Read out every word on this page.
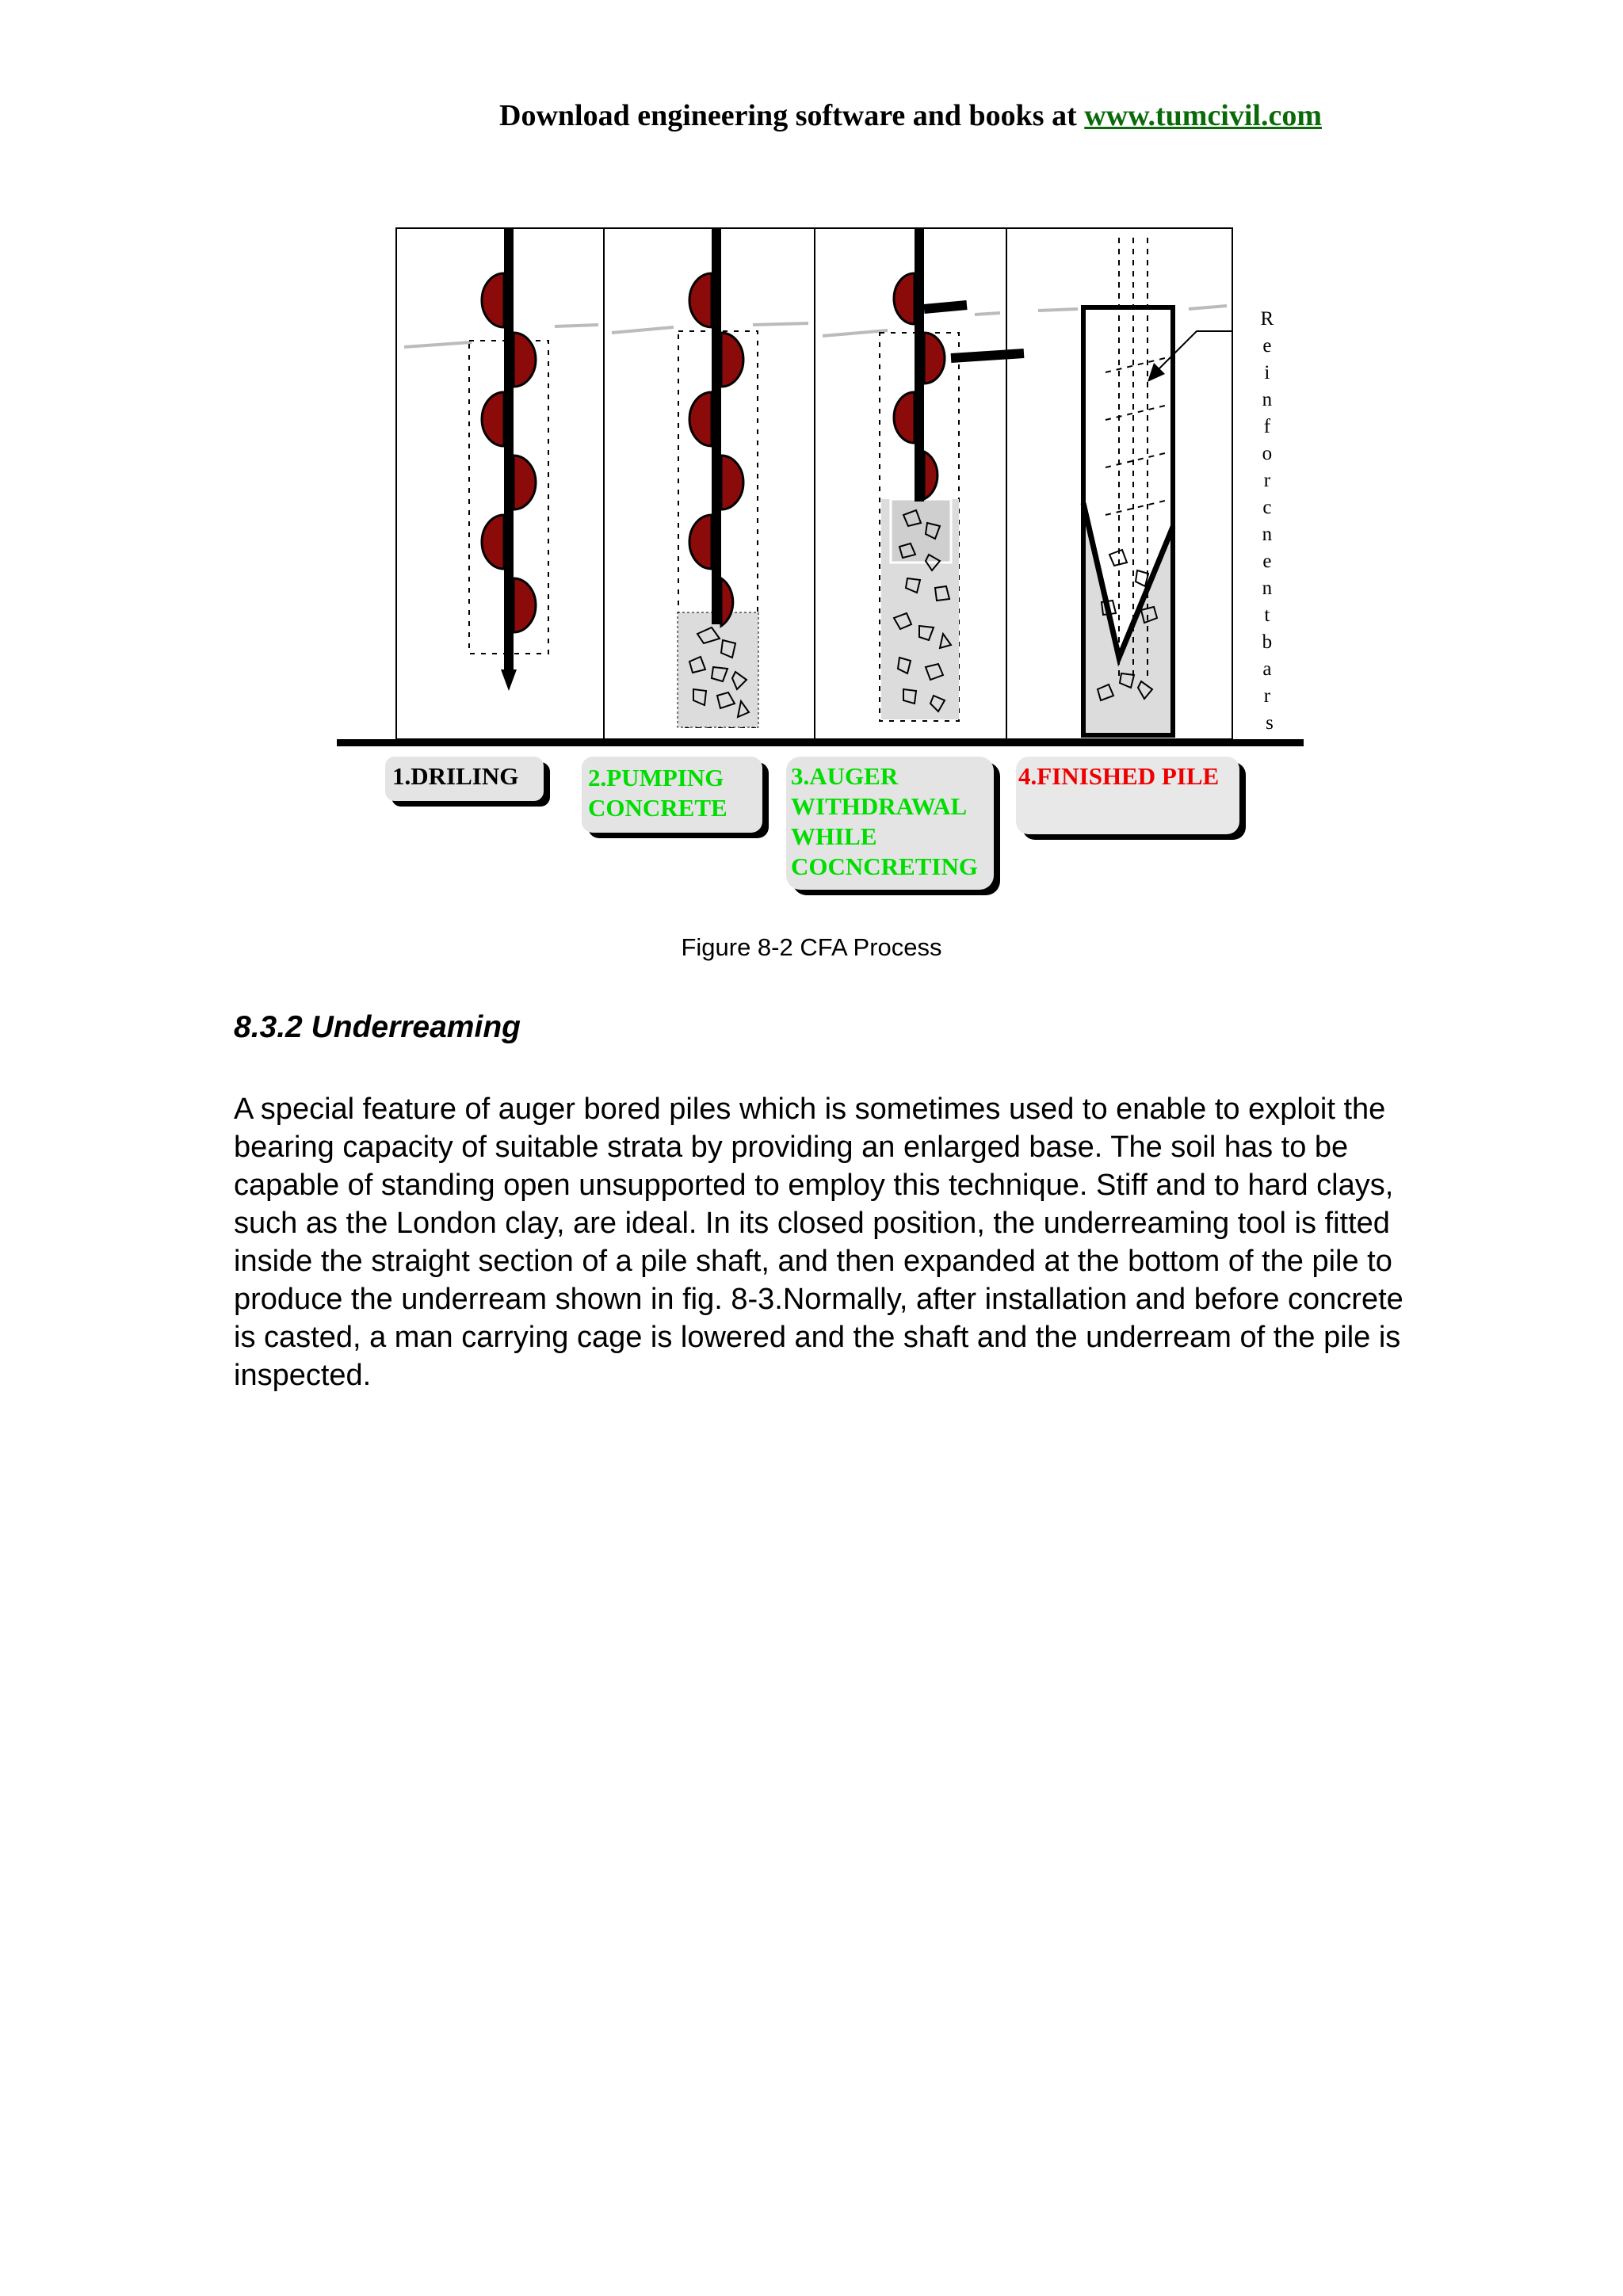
Download engineering software and books at www.tumcivil.com
R e i n f o r c n e n t b a r s
1.DRILING	2.PUMPING CONCRETE
3.AUGER WITHDRAWAL WHILE COCNCRETING
4.FINISHED PILE
Figure 8-2 CFA Process
8.3.2 Underreaming
A special feature of auger bored piles which is sometimes used to enable to exploit the bearing capacity of suitable strata by providing an enlarged base. The soil has to be capable of standing open unsupported to employ this technique. Stiff and to hard clays, such as the London clay, are ideal. In its closed position, the underreaming tool is fitted inside the straight section of a pile shaft, and then expanded at the bottom of the pile to produce the underream shown in fig. 8-3.Normally, after installation and before concrete is casted, a man carrying cage is lowered and the shaft and the underream of the pile is inspected.
